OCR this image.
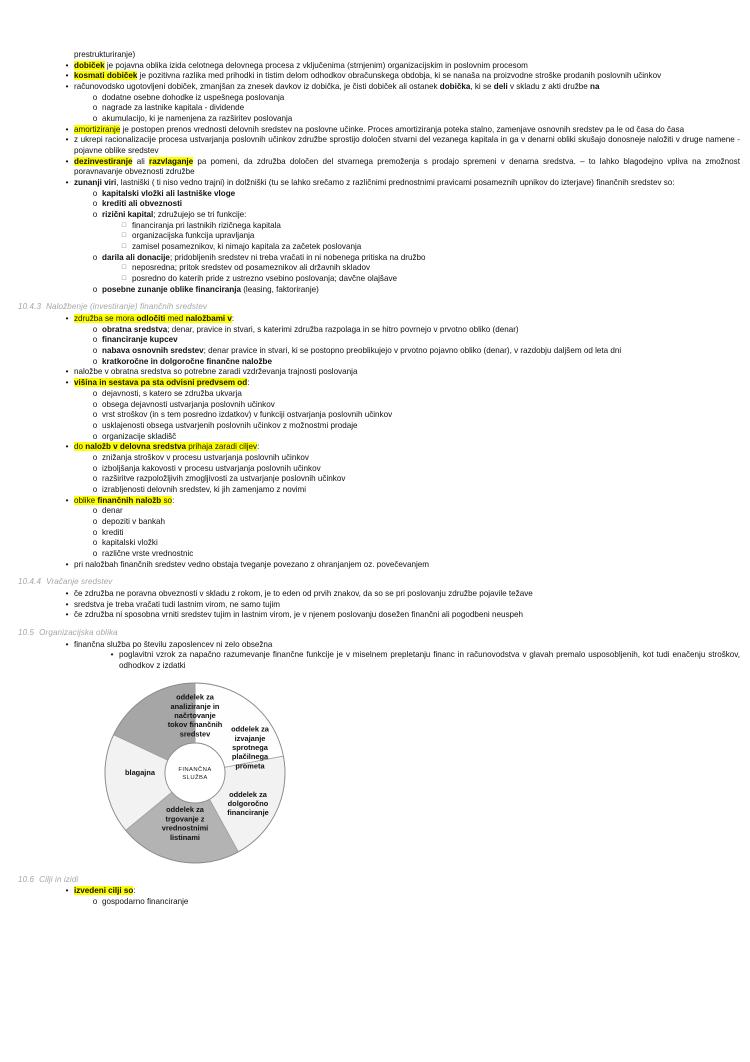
prestrukturiranje)
• dobiček je pojavna oblika izida celotnega delovnega procesa z vključenima (strnjenim) organizacijskim in poslovnim procesom
• kosmati dobiček je pozitivna razlika med prihodki in tistim delom odhodkov obračunskega obdobja, ki se nanaša na proizvodne stroške prodanih poslovnih učinkov
• računovodsko ugotovljeni dobiček, zmanjšan za znesek davkov iz dobička, je čisti dobiček ali ostanek dobička, ki se deli v skladu z akti družbe na
o dodatne osebne dohodke iz uspešnega poslovanja
o nagrade za lastnike kapitala - dividende
o akumulacijo, ki je namenjena za razširitev poslovanja
• amortiziranje je postopen prenos vrednosti delovnih sredstev na poslovne učinke. Proces amortiziranja poteka stalno, zamenjave osnovnih sredstev pa le od časa do časa
• z ukrepi racionalizacije procesa ustvarjanja poslovnih učinkov združbe sprostijo določen stvarni del vezanega kapitala in ga v denarni obliki skušajo donosneje naložiti v druge namene - pojavne oblike sredstev
• dezinvestiranje ali razvlaganje pa pomeni, da združba določen del stvarnega premoženja s prodajo spremeni v denarna sredstva. – to lahko blagodejno vpliva na zmožnost poravnavanje obveznosti združbe
• zunanji viri, lastniški ( ti niso vedno trajni) in dolžniški (tu se lahko srečamo z različnimi prednostnimi pravicami posameznih upnikov do izterjave) finančnih sredstev so:
o kapitalski vložki ali lastniške vloge
o krediti ali obveznosti
o rizični kapital; združujejo se tri funkcije:
□ financiranja pri lastnikih rizičnega kapitala
□ organizacijska funkcija upravljanja
□ zamisel posameznikov, ki nimajo kapitala za začetek poslovanja
o darila ali donacije; pridobljenih sredstev ni treba vračati in ni nobenega pritiska na družbo
□ neposredna; pritok sredstev od posameznikov ali državnih skladov
□ posredno do katerih pride z ustrezno vsebino poslovanja; davčne olajšave
o posebne zunanje oblike financiranja (leasing, faktoriranje)
10.4.3 Naložbenje (investiranje) finančnih sredstev
• združba se mora odločiti med naložbami v:
o obratna sredstva; denar, pravice in stvari, s katerimi združba razpolaga in se hitro povrnejo v prvotno obliko (denar)
o financiranje kupcev
o nabava osnovnih sredstev; denar pravice in stvari, ki se postopno preoblikujejo v prvotno pojavno obliko (denar), v razdobju daljšem od leta dni
o kratkoročne in dolgoročne finančne naložbe
• naložbe v obratna sredstva so potrebne zaradi vzdrževanja trajnosti poslovanja
• višina in sestava pa sta odvisni predvsem od:
o dejavnosti, s katero se združba ukvarja
o obsega dejavnosti ustvarjanja poslovnih učinkov
o vrst stroškov (in s tem posredno izdatkov) v funkciji ostvarjanja poslovnih učinkov
o usklajenosti obsega ustvarjenih poslovnih učinkov z možnostmi prodaje
o organizacije skladišč
• do naložb v delovna sredstva prihaja zaradi ciljev:
o znižanja stroškov v procesu ustvarjanja poslovnih učinkov
o izboljšanja kakovosti v procesu ustvarjanja poslovnih učinkov
o razširitve razpoložljivih zmogljivosti za ustvarjanje poslovnih učinkov
o izrabljenosti delovnih sredstev, ki jih zamenjamo z novimi
• oblike finančnih naložb so:
o denar
o depoziti v bankah
o krediti
o kapitalski vložki
o različne vrste vrednostnic
• pri naložbah finančnih sredstev vedno obstaja tveganje povezano z ohranjanjem oz. povečevanjem
10.4.4 Vračanje sredstev
• če združba ne poravna obveznosti v skladu z rokom, je to eden od prvih znakov, da so se pri poslovanju združbe pojavile težave
• sredstva je treba vračati tudi lastnim virom, ne samo tujim
• če združba ni sposobna vrniti sredstev tujim in lastnim virom, je v njenem poslovanju dosežen finančni ali pogodbeni neuspeh
10.5 Organizacijska oblika
• finančna služba po številu zaposlencev ni zelo obsežna
• poglavitni vzrok za napačno razumevanje finančne funkcije je v miselnem prepletanju financ in računovodstva v glavah premalo usposobljenih, kot tudi enačenju stroškov, odhodkov z izdatki
FINANČNA
SLUŽBA
oddelek za
analiziranje in
načrtovanje
tokov finančnih
sredstev
oddelek za
izvajanje
sprotnega
plačilnega
prometa
oddelek za
dolgoročno
financiranje
oddelek za
trgovanje z
vrednostnimi
listinami
blagajna
10.6 Cilji in izidi
• izvedeni cilji so:
o gospodarno financiranje
